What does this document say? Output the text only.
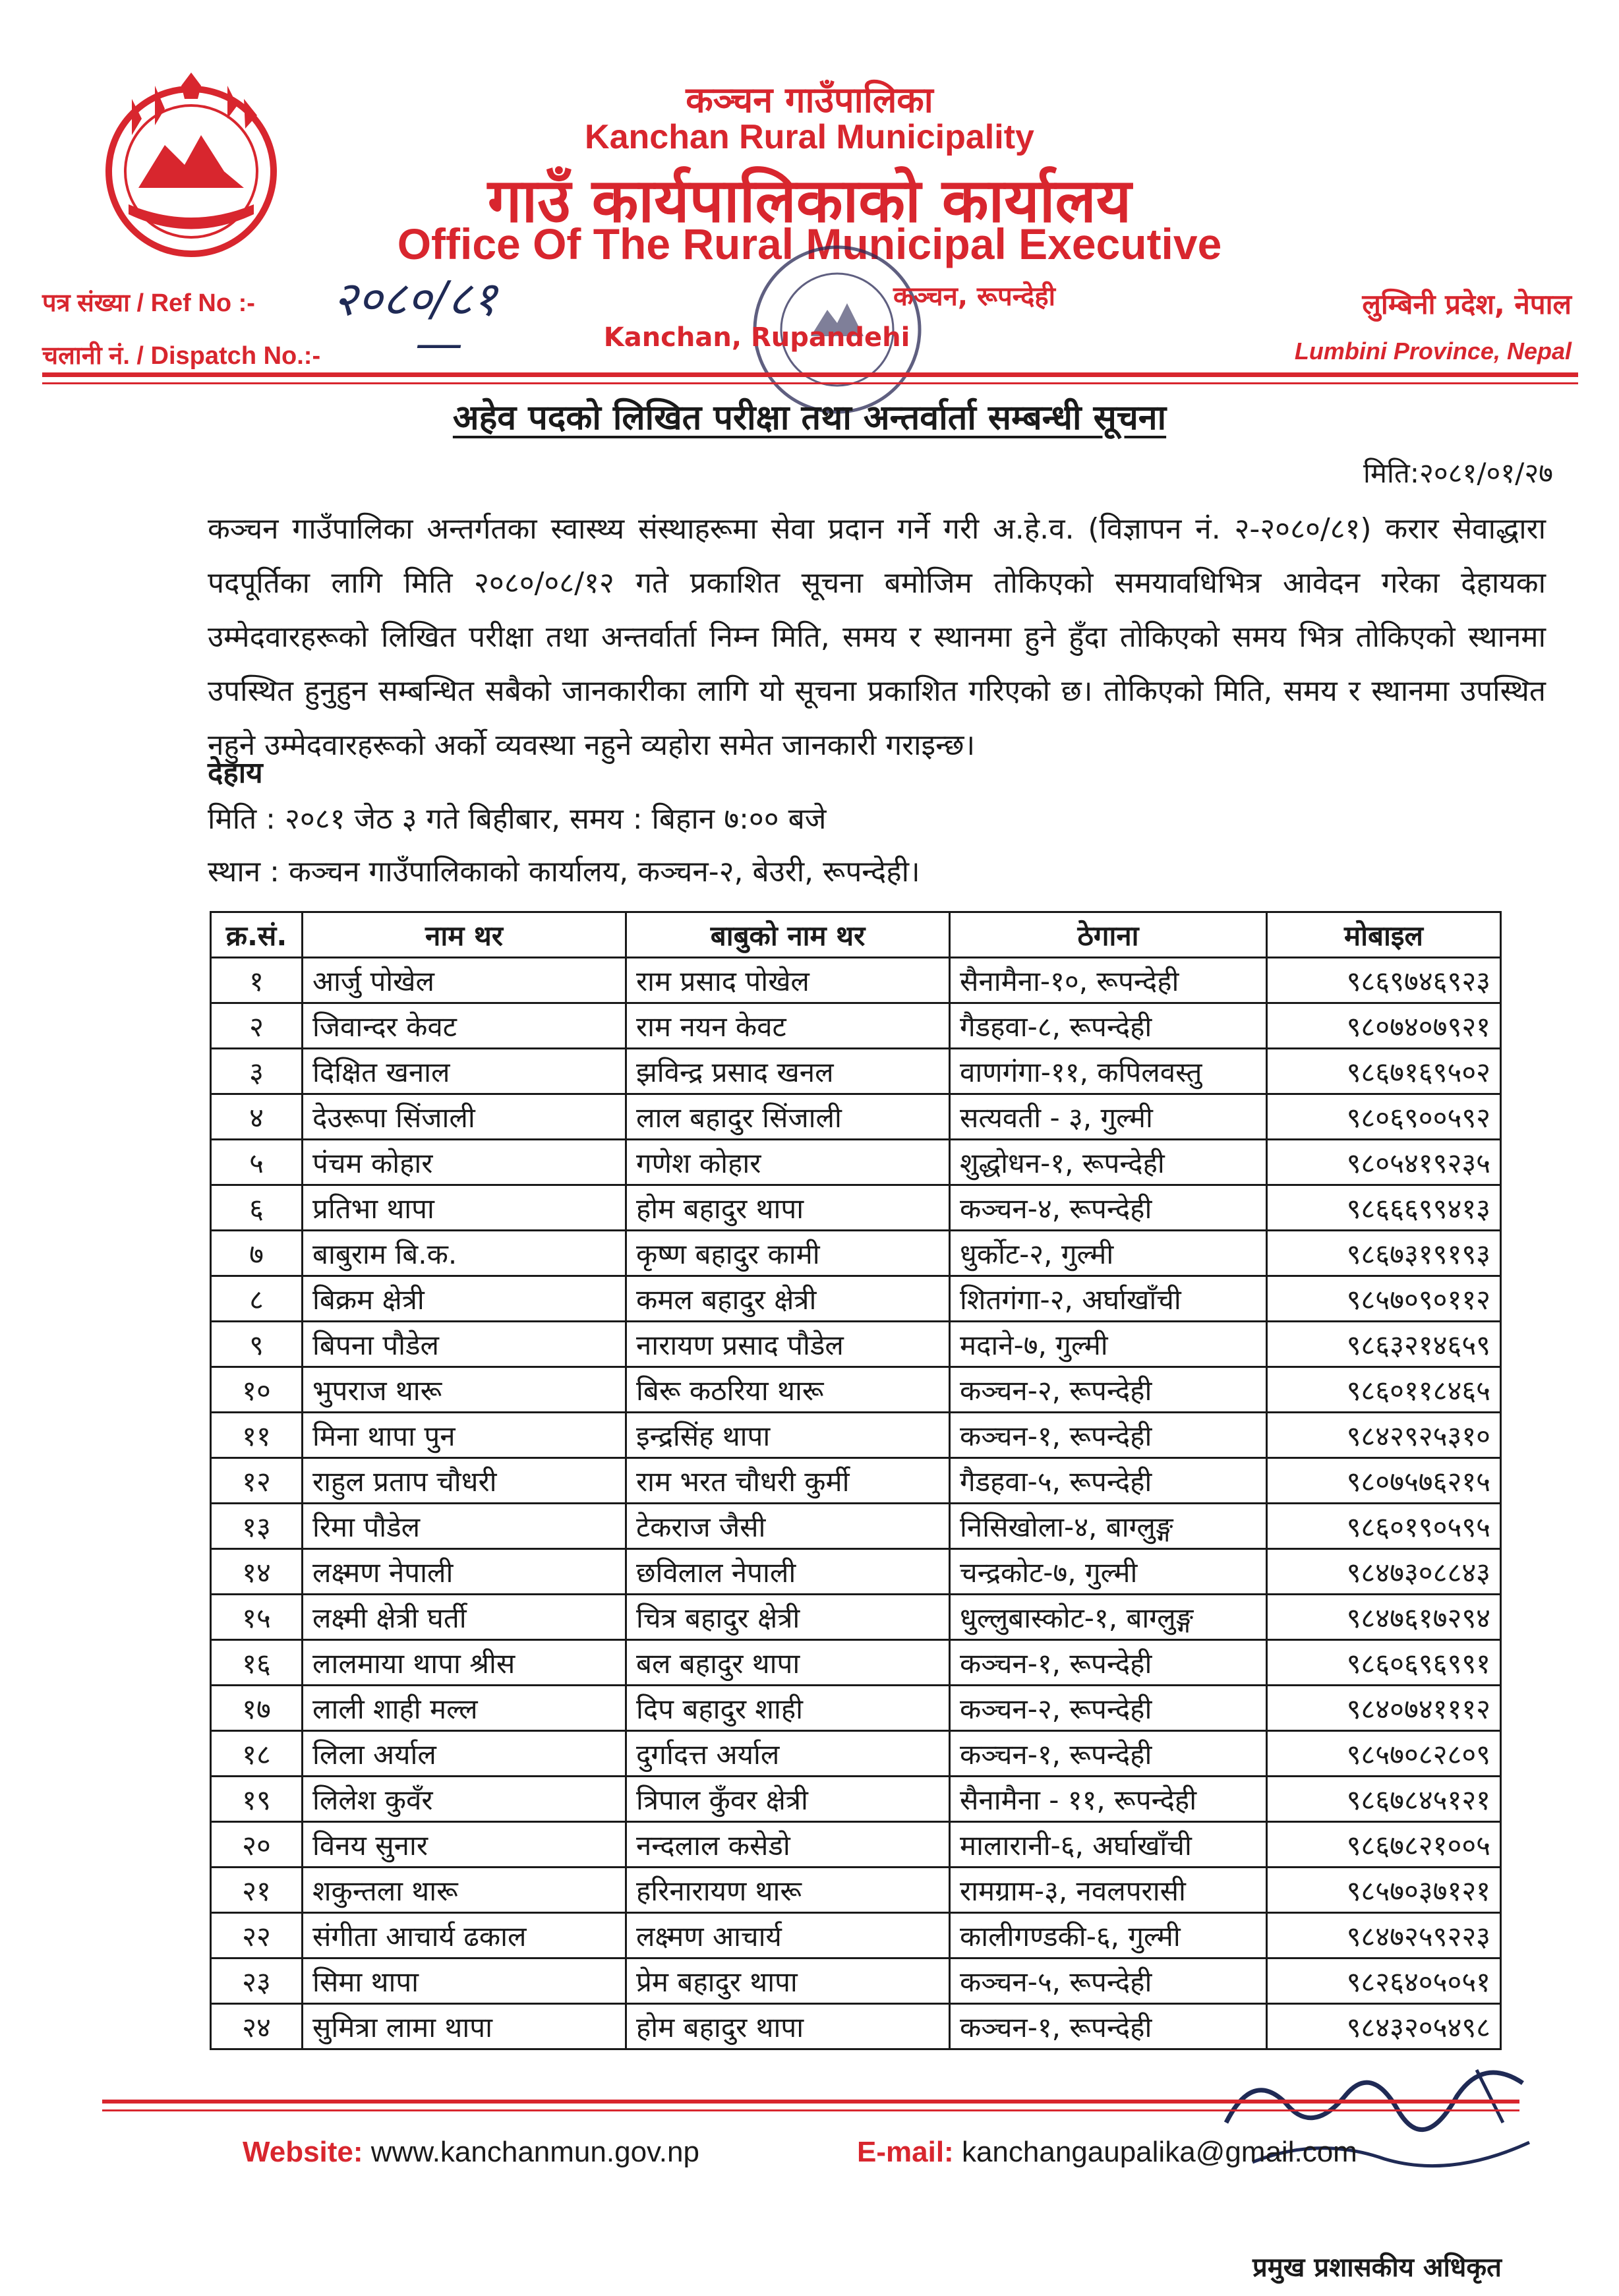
कञ्चन गाउँपालिका
Kanchan Rural Municipality
गाउँ कार्यपालिकाको कार्यालय
Office Of The Rural Municipal Executive
कञ्चन, रूपन्देही
Kanchan, Rupandehi
पत्र संख्या / Ref No :- २०८०/८१
चलानी नं. / Dispatch No.:- —
लुम्बिनी प्रदेश, नेपाल
Lumbini Province, Nepal
अहेव पदको लिखित परीक्षा तथा अन्तर्वार्ता सम्बन्धी सूचना
मिति:२०८१/०१/२७
कञ्चन गाउँपालिका अन्तर्गतका स्वास्थ्य संस्थाहरूमा सेवा प्रदान गर्ने गरी अ.हे.व. (विज्ञापन नं. २-२०८०/८१) करार सेवाद्धारा पदपूर्तिका लागि मिति २०८०/०८/१२ गते प्रकाशित सूचना बमोजिम तोकिएको समयावधिभित्र आवेदन गरेका देहायका उम्मेदवारहरूको लिखित परीक्षा तथा अन्तर्वार्ता निम्न मिति, समय र स्थानमा हुने हुँदा तोकिएको समय भित्र तोकिएको स्थानमा उपस्थित हुनुहुन सम्बन्धित सबैको जानकारीका लागि यो सूचना प्रकाशित गरिएको छ। तोकिएको मिति, समय र स्थानमा उपस्थित नहुने उम्मेदवारहरूको अर्को व्यवस्था नहुने व्यहोरा समेत जानकारी गराइन्छ।
देहाय
मिति : २०८१ जेठ ३ गते बिहीबार, समय : बिहान ७:०० बजे
स्थान : कञ्चन गाउँपालिकाको कार्यालय, कञ्चन-२, बेउरी, रूपन्देही।
क्र.सं.	नाम थर	बाबुको नाम थर	ठेगाना	मोबाइल
१	आर्जु पोखेल	राम प्रसाद पोखेल	सैनामैना-१०, रूपन्देही	९८६९७४६९२३
२	जिवान्दर केवट	राम नयन केवट	गैडहवा-८, रूपन्देही	९८०७४०७९२१
३	दिक्षित खनाल	झविन्द्र प्रसाद खनल	वाणगंगा-११, कपिलवस्तु	९८६७१६९५०२
४	देउरूपा सिंजाली	लाल बहादुर सिंजाली	सत्यवती - ३, गुल्मी	९८०६९००५९२
५	पंचम कोहार	गणेश कोहार	शुद्धोधन-१, रूपन्देही	९८०५४१९२३५
६	प्रतिभा थापा	होम बहादुर थापा	कञ्चन-४, रूपन्देही	९८६६६९९४१३
७	बाबुराम बि.क.	कृष्ण बहादुर कामी	धुर्कोट-२, गुल्मी	९८६७३१९१९३
८	बिक्रम क्षेत्री	कमल बहादुर क्षेत्री	शितगंगा-२, अर्घाखाँची	९८५७०९०११२
९	बिपना पौडेल	नारायण प्रसाद पौडेल	मदाने-७, गुल्मी	९८६३२१४६५९
१०	भुपराज थारू	बिरू कठरिया थारू	कञ्चन-२, रूपन्देही	९८६०११८४६५
११	मिना थापा पुन	इन्द्रसिंह थापा	कञ्चन-१, रूपन्देही	९८४२९२५३१०
१२	राहुल प्रताप चौधरी	राम भरत चौधरी कुर्मी	गैडहवा-५, रूपन्देही	९८०७५७६२१५
१३	रिमा पौडेल	टेकराज जैसी	निसिखोला-४, बाग्लुङ्ग	९८६०१९०५९५
१४	लक्ष्मण नेपाली	छविलाल नेपाली	चन्द्रकोट-७, गुल्मी	९८४७३०८८४३
१५	लक्ष्मी क्षेत्री घर्ती	चित्र बहादुर क्षेत्री	धुल्लुबास्कोट-१, बाग्लुङ्ग	९८४७६१७२९४
१६	लालमाया थापा श्रीस	बल बहादुर थापा	कञ्चन-१, रूपन्देही	९८६०६९६९९१
१७	लाली शाही मल्ल	दिप बहादुर शाही	कञ्चन-२, रूपन्देही	९८४०७४१११२
१८	लिला अर्याल	दुर्गादत्त अर्याल	कञ्चन-१, रूपन्देही	९८५७०८२८०९
१९	लिलेश कुवँर	त्रिपाल कुँवर क्षेत्री	सैनामैना - ११, रूपन्देही	९८६७८४५१२१
२०	विनय सुनार	नन्दलाल कसेडो	मालारानी-६, अर्घाखाँची	९८६७८२१००५
२१	शकुन्तला थारू	हरिनारायण थारू	रामग्राम-३, नवलपरासी	९८५७०३७१२१
२२	संगीता आचार्य ढकाल	लक्ष्मण आचार्य	कालीगण्डकी-६, गुल्मी	९८४७२५९२२३
२३	सिमा थापा	प्रेम बहादुर थापा	कञ्चन-५, रूपन्देही	९८२६४०५०५१
२४	सुमित्रा लामा थापा	होम बहादुर थापा	कञ्चन-१, रूपन्देही	९८४३२०५४९८
प्रमुख प्रशासकीय अधिकृत
Website: www.kanchanmun.gov.np	E-mail: kanchangaupalika@gmail.com
